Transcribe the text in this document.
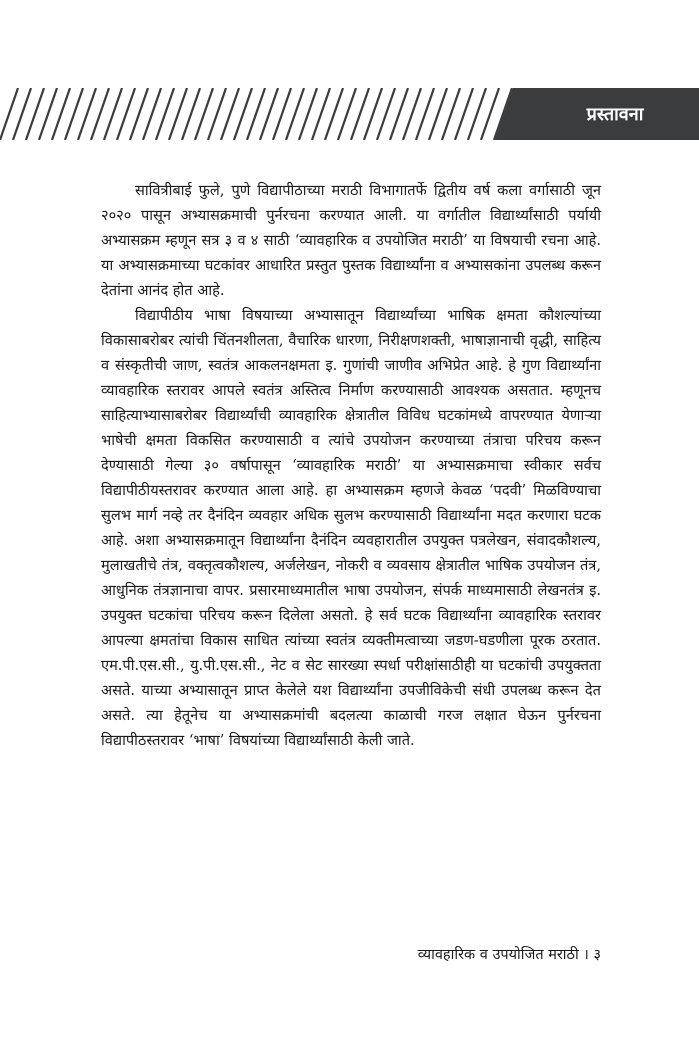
प्रस्तावना

सावित्रीबाई फुले, पुणे विद्यापीठाच्या मराठी विभागातर्फे द्वितीय वर्ष कला वर्गासाठी जून २०२० पासून अभ्यासक्रमाची पुर्नरचना करण्यात आली. या वर्गातील विद्यार्थ्यांसाठी पर्यायी अभ्यासक्रम म्हणून सत्र ३ व ४ साठी ‘व्यावहारिक व उपयोजित मराठी’ या विषयाची रचना आहे. या अभ्यासक्रमाच्या घटकांवर आधारित प्रस्तुत पुस्तक विद्यार्थ्यांना व अभ्यासकांना उपलब्ध करून देतांना आनंद होत आहे.

विद्यापीठीय भाषा विषयाच्या अभ्यासातून विद्यार्थ्यांच्या भाषिक क्षमता कौशल्यांच्या विकासाबरोबर त्यांची चिंतनशीलता, वैचारिक धारणा, निरीक्षणशक्ती, भाषाज्ञानाची वृद्धी, साहित्य व संस्कृतीची जाण, स्वतंत्र आकलनक्षमता इ. गुणांची जाणीव अभिप्रेत आहे. हे गुण विद्यार्थ्यांना व्यावहारिक स्तरावर आपले स्वतंत्र अस्तित्व निर्माण करण्यासाठी आवश्यक असतात. म्हणूनच साहित्याभ्यासाबरोबर विद्यार्थ्यांची व्यावहारिक क्षेत्रातील विविध घटकांमध्ये वापरण्यात येणाऱ्या भाषेची क्षमता विकसित करण्यासाठी व त्यांचे उपयोजन करण्याच्या तंत्राचा परिचय करून देण्यासाठी गेल्या ३० वर्षापासून ‘व्यावहारिक मराठी’ या अभ्यासक्रमाचा स्वीकार सर्वच विद्यापीठीयस्तरावर करण्यात आला आहे. हा अभ्यासक्रम म्हणजे केवळ ‘पदवी’ मिळविण्याचा सुलभ मार्ग नव्हे तर दैनंदिन व्यवहार अधिक सुलभ करण्यासाठी विद्यार्थ्यांना मदत करणारा घटक आहे. अशा अभ्यासक्रमातून विद्यार्थ्यांना दैनंदिन व्यवहारातील उपयुक्त पत्रलेखन, संवादकौशल्य, मुलाखतीचे तंत्र, वक्तृत्वकौशल्य, अर्जलेखन, नोकरी व व्यवसाय क्षेत्रातील भाषिक उपयोजन तंत्र, आधुनिक तंत्रज्ञानाचा वापर. प्रसारमाध्यमातील भाषा उपयोजन, संपर्क माध्यमासाठी लेखनतंत्र इ. उपयुक्त घटकांचा परिचय करून दिलेला असतो. हे सर्व घटक विद्यार्थ्यांना व्यावहारिक स्तरावर आपल्या क्षमतांचा विकास साधित त्यांच्या स्वतंत्र व्यक्तीमत्वाच्या जडण-घडणीला पूरक ठरतात. एम.पी.एस.सी., यु.पी.एस.सी., नेट व सेट सारख्या स्पर्धा परीक्षांसाठीही या घटकांची उपयुक्तता असते. याच्या अभ्यासातून प्राप्त केलेले यश विद्यार्थ्यांना उपजीविकेची संधी उपलब्ध करून देत असते. त्या हेतूनेच या अभ्यासक्रमांची बदलत्या काळाची गरज लक्षात घेऊन पुर्नरचना विद्यापीठस्तरावर ‘भाषा’ विषयांच्या विद्यार्थ्यांसाठी केली जाते.

व्यावहारिक व उपयोजित मराठी । ३
